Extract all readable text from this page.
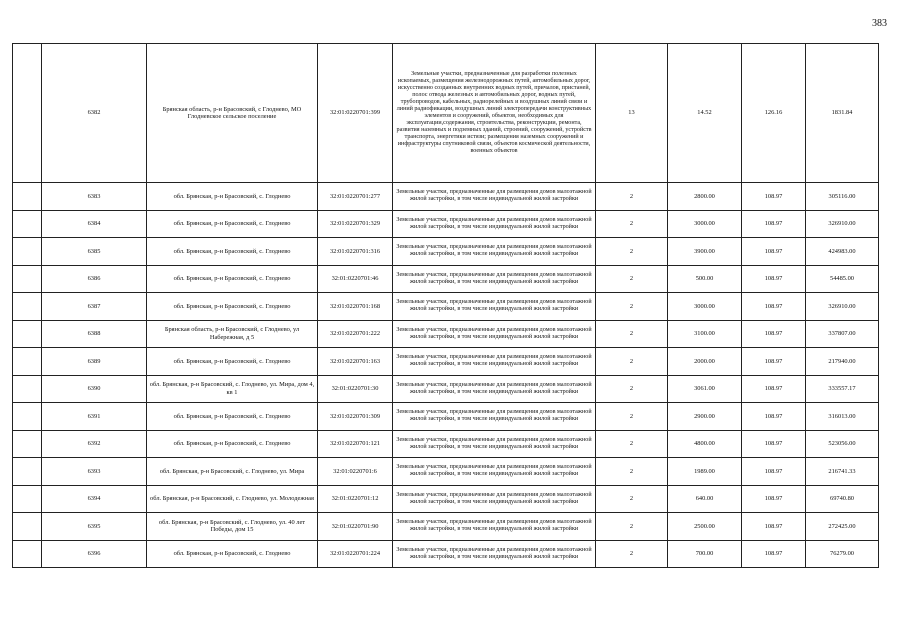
383
	6382	Брянская область, р-н Брасовский, с Глоднево, МО Глодневское сельское поселение	32:01:0220701:399	Земельные участки, предназначенные для разработки полезных ископаемых, размещения железнодорожных путей, автомобильных дорог, искусственно созданных внутренних водных путей, причалов, пристаней, полос отвода железных и автомобильных дорог, водных путей, трубопроводов, кабельных, радиорелейных и воздушных линий связи и линий радиофикации, воздушных линий электропередачи конструктивных элементов и сооружений, объектов, необходимых для эксплуатации,содержания, строительства, реконструкции, ремонта, развития наземных и подземных зданий, строений, сооружений, устройств транспорта, энергетики истязи; размещения наземных сооружений и инфраструктуры спутниковой связи, объектов космической деятельности, военных объектов	13	14.52	126.16	1831.84
	6383	обл. Брянская, р-н Брасовский, с. Глоднево	32:01:0220701:277	Земельные участки, предназначенные для размещения домов малоэтажной жилой застройки, в том числе индивидуальной жилой застройки	2	2800.00	108.97	305116.00
	6384	обл. Брянская, р-н Брасовский, с. Глоднево	32:01:0220701:329	Земельные участки, предназначенные для размещения домов малоэтажной жилой застройки, в том числе индивидуальной жилой застройки	2	3000.00	108.97	326910.00
	6385	обл. Брянская, р-н Брасовский, с. Глоднево	32:01:0220701:316	Земельные участки, предназначенные для размещения домов малоэтажной жилой застройки, в том числе индивидуальной жилой застройки	2	3900.00	108.97	424983.00
	6386	обл. Брянская, р-н Брасовский, с. Глоднево	32:01:0220701:46	Земельные участки, предназначенные для размещения домов малоэтажной жилой застройки, в том числе индивидуальной жилой застройки	2	500.00	108.97	54485.00
	6387	обл. Брянская, р-н Брасовский, с. Глоднево	32:01:0220701:168	Земельные участки, предназначенные для размещения домов малоэтажной жилой застройки, в том числе индивидуальной жилой застройки	2	3000.00	108.97	326910.00
	6388	Брянская область, р-н Брасовский, с Глоднево, ул Набережная, д 5	32:01:0220701:222	Земельные участки, предназначенные для размещения домов малоэтажной жилой застройки, в том числе индивидуальной жилой застройки	2	3100.00	108.97	337807.00
	6389	обл. Брянская, р-н Брасовский, с. Глоднево	32:01:0220701:163	Земельные участки, предназначенные для размещения домов малоэтажной жилой застройки, в том числе индивидуальной жилой застройки	2	2000.00	108.97	217940.00
	6390	обл. Брянская, р-н Брасовский, с. Глоднево, ул. Мира, дом 4, кв 1	32:01:0220701:30	Земельные участки, предназначенные для размещения домов малоэтажной жилой застройки, в том числе индивидуальной жилой застройки	2	3061.00	108.97	333557.17
	6391	обл. Брянская, р-н Брасовский, с. Глоднево	32:01:0220701:309	Земельные участки, предназначенные для размещения домов малоэтажной жилой застройки, в том числе индивидуальной жилой застройки	2	2900.00	108.97	316013.00
	6392	обл. Брянская, р-н Брасовский, с. Глоднево	32:01:0220701:121	Земельные участки, предназначенные для размещения домов малоэтажной жилой застройки, в том числе индивидуальной жилой застройки	2	4800.00	108.97	523056.00
	6393	обл. Брянская, р-н Брасовский, с. Глоднево, ул. Мира	32:01:0220701:6	Земельные участки, предназначенные для размещения домов малоэтажной жилой застройки, в том числе индивидуальной жилой застройки	2	1989.00	108.97	216741.33
	6394	обл. Брянская, р-н Брасовский, с. Глоднево, ул. Молодежная	32:01:0220701:12	Земельные участки, предназначенные для размещения домов малоэтажной жилой застройки, в том числе индивидуальной жилой застройки	2	640.00	108.97	69740.80
	6395	обл. Брянская, р-н Брасовский, с. Глоднево, ул. 40 лет Победы, дом 15	32:01:0220701:90	Земельные участки, предназначенные для размещения домов малоэтажной жилой застройки, в том числе индивидуальной жилой застройки	2	2500.00	108.97	272425.00
	6396	обл. Брянская, р-н Брасовский, с. Глоднево	32:01:0220701:224	Земельные участки, предназначенные для размещения домов малоэтажной жилой застройки, в том числе индивидуальной жилой застройки	2	700.00	108.97	76279.00
